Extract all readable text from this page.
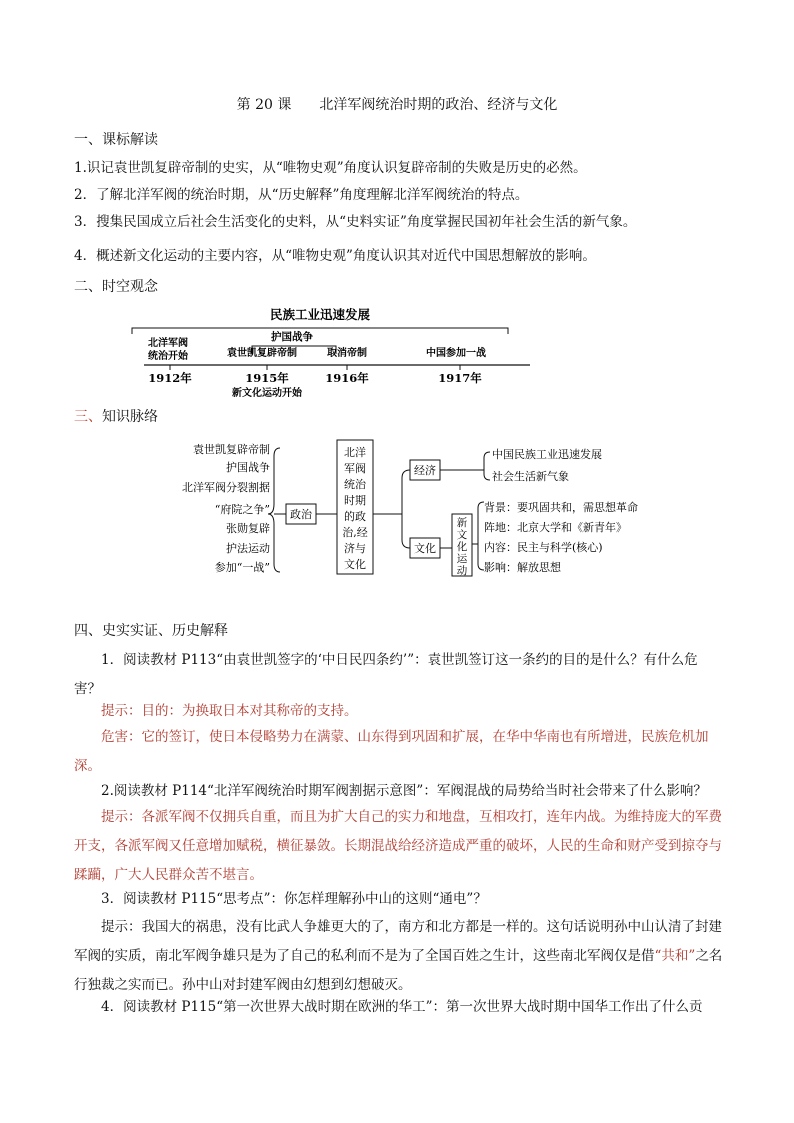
第 20 课 北洋军阀统治时期的政治、经济与文化
一、课标解读
1.识记袁世凯复辟帝制的史实，从“唯物史观”角度认识复辟帝制的失败是历史的必然。
2．了解北洋军阀的统治时期，从“历史解释”角度理解北洋军阀统治的特点。
3．搜集民国成立后社会生活变化的史料，从“史料实证”角度掌握民国初年社会生活的新气象。
4．概述新文化运动的主要内容，从“唯物史观”角度认识其对近代中国思想解放的影响。
二、时空观念
民族工业迅速发展
护国战争
北洋军阀
统治开始	袁世凯复辟帝制	取消帝制	中国参加一战
1912年	1915年	1916年	1917年
新文化运动开始
三、知识脉络
袁世凯复辟帝制
护国战争
北洋军阀分裂割据
“府院之争”
张勋复辟
护法运动
参加“一战”
政治
北洋
军阀
统治
时期
的政
治,经
济与
文化
经济
中国民族工业迅速发展
社会生活新气象
文化
新
文
化
运
动
背景：要巩固共和，需思想革命
阵地：北京大学和《新青年》
内容：民主与科学(核心)
影响：解放思想
四、史实实证、历史解释
1．阅读教材 P113“由袁世凯签字的‘中日民四条约’”：袁世凯签订这一条约的目的是什么？有什么危害？
提示：目的：为换取日本对其称帝的支持。
危害：它的签订，使日本侵略势力在满蒙、山东得到巩固和扩展，在华中华南也有所增进，民族危机加深。
2.阅读教材 P114“北洋军阀统治时期军阀割据示意图”：军阀混战的局势给当时社会带来了什么影响？
提示：各派军阀不仅拥兵自重，而且为扩大自己的实力和地盘，互相攻打，连年内战。为维持庞大的军费开支，各派军阀又任意增加赋税，横征暴敛。长期混战给经济造成严重的破坏，人民的生命和财产受到掠夺与蹂躏，广大人民群众苦不堪言。
3．阅读教材 P115“思考点”：你怎样理解孙中山的这则“通电”？
提示：我国大的祸患，没有比武人争雄更大的了，南方和北方都是一样的。这句话说明孙中山认清了封建军阀的实质，南北军阀争雄只是为了自己的私利而不是为了全国百姓之生计，这些南北军阀仅是借“共和”之名行独裁之实而已。孙中山对封建军阀由幻想到幻想破灭。
4．阅读教材 P115“第一次世界大战时期在欧洲的华工”：第一次世界大战时期中国华工作出了什么贡
